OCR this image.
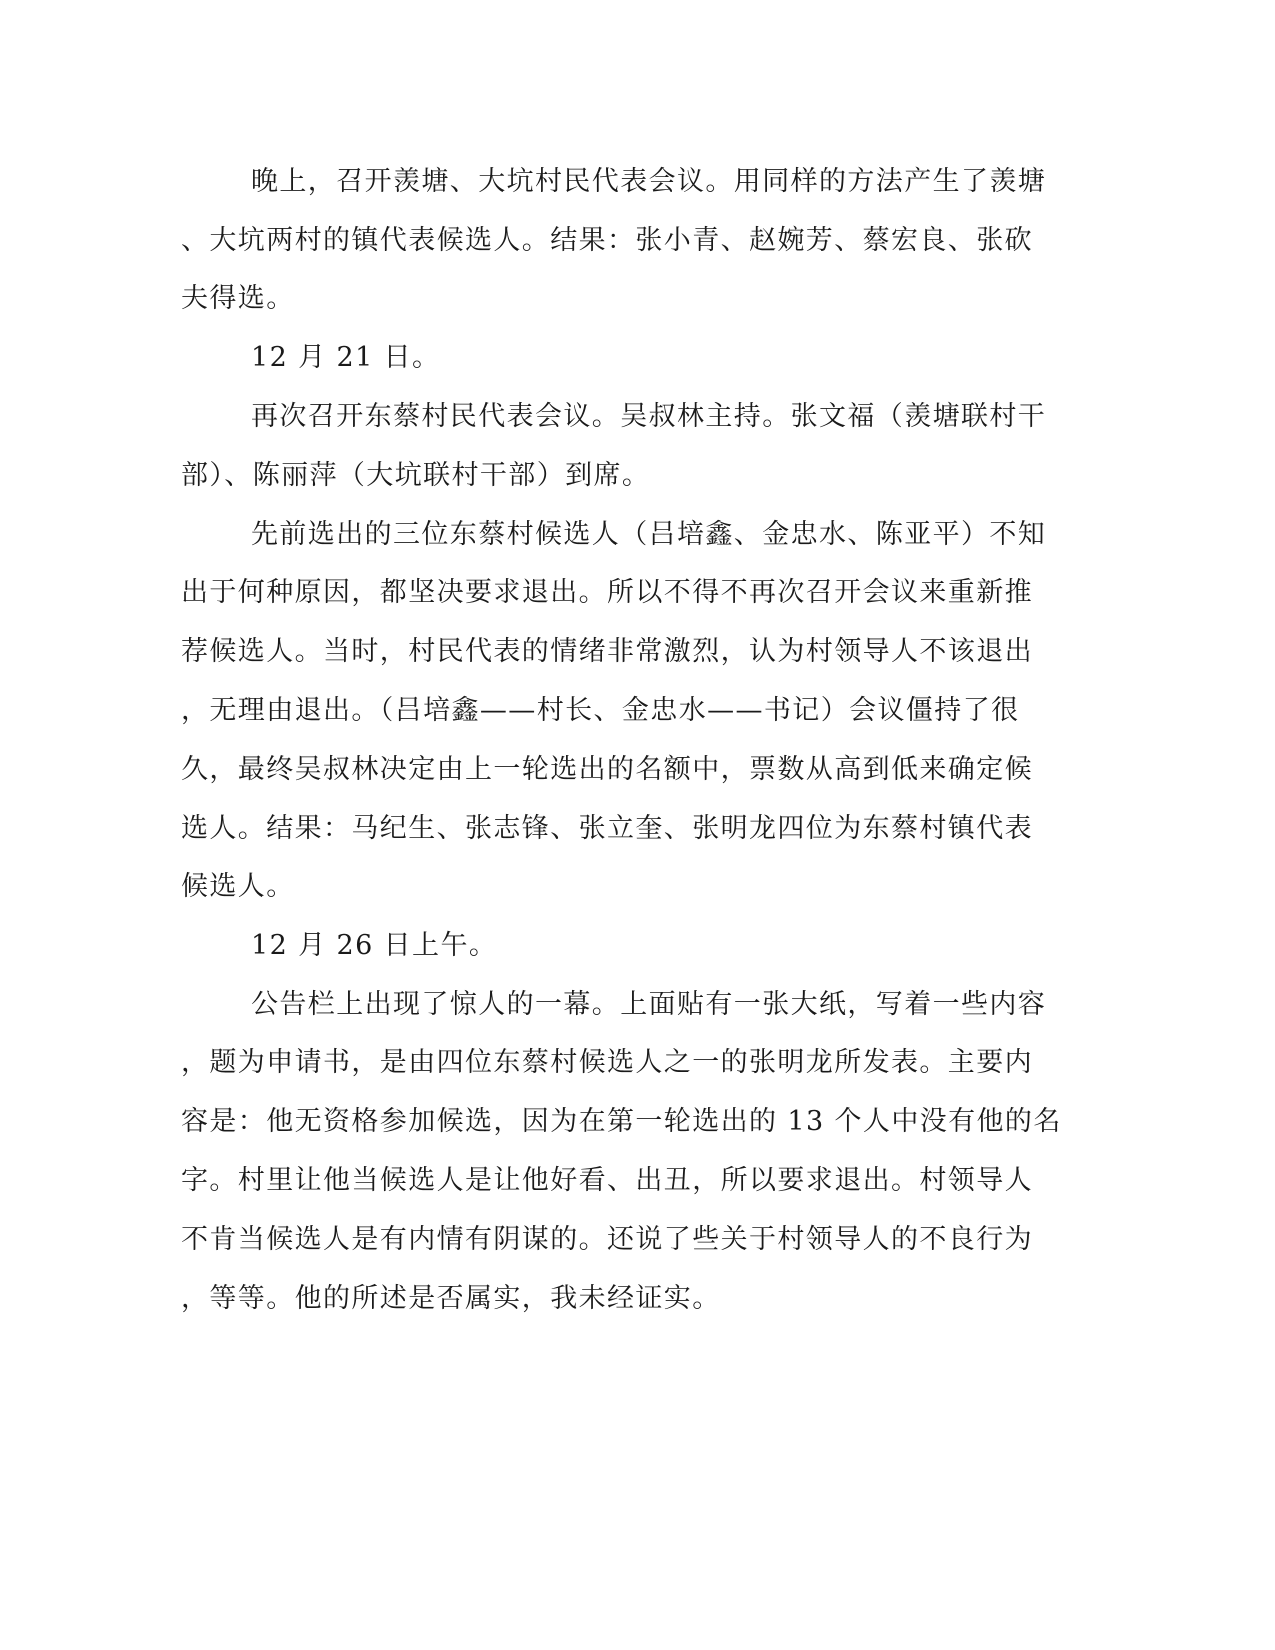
晚上，召开羡塘、大坑村民代表会议。用同样的方法产生了羡塘
、大坑两村的镇代表候选人。结果：张小青、赵婉芳、蔡宏良、张砍
夫得选。
12 月 21 日。
再次召开东蔡村民代表会议。吴叔林主持。张文福（羡塘联村干
部）、陈丽萍（大坑联村干部）到席。
先前选出的三位东蔡村候选人（吕培鑫、金忠水、陈亚平）不知
出于何种原因，都坚决要求退出。所以不得不再次召开会议来重新推
荐候选人。当时，村民代表的情绪非常激烈，认为村领导人不该退出
，无理由退出。（吕培鑫——村长、金忠水——书记）会议僵持了很
久，最终吴叔林决定由上一轮选出的名额中，票数从高到低来确定候
选人。结果：马纪生、张志锋、张立奎、张明龙四位为东蔡村镇代表
候选人。
12 月 26 日上午。
公告栏上出现了惊人的一幕。上面贴有一张大纸，写着一些内容
，题为申请书，是由四位东蔡村候选人之一的张明龙所发表。主要内
容是：他无资格参加候选，因为在第一轮选出的 13 个人中没有他的名
字。村里让他当候选人是让他好看、出丑，所以要求退出。村领导人
不肯当候选人是有内情有阴谋的。还说了些关于村领导人的不良行为
，等等。他的所述是否属实，我未经证实。
